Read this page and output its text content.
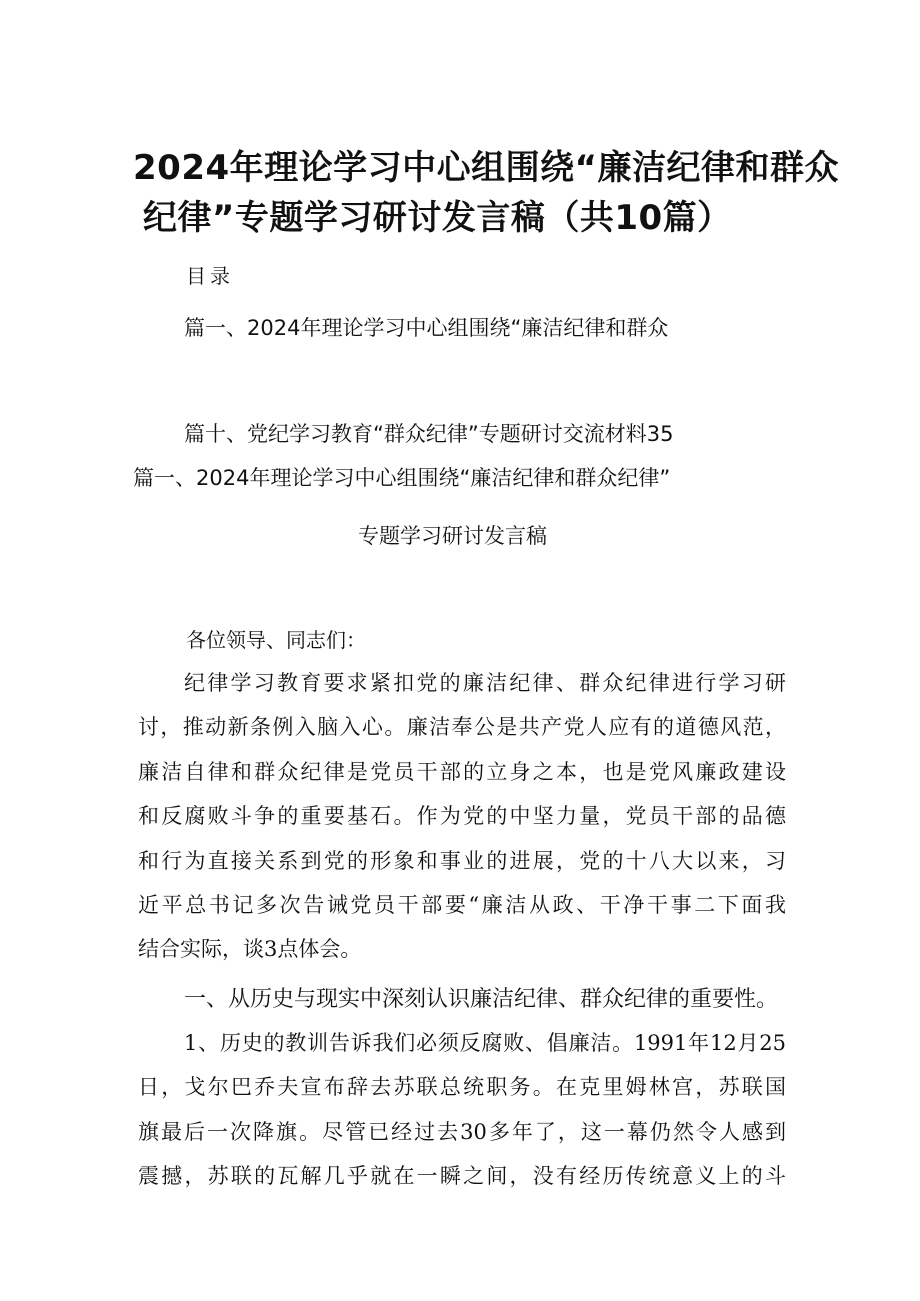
2024年理论学习中心组围绕“廉洁纪律和群众
纪律”专题学习研讨发言稿（共10篇）
目录
篇一、2024年理论学习中心组围绕“廉洁纪律和群众
篇十、党纪学习教育“群众纪律”专题研讨交流材料35
篇一、2024年理论学习中心组围绕“廉洁纪律和群众纪律”
专题学习研讨发言稿
各位领导、同志们：
纪律学习教育要求紧扣党的廉洁纪律、群众纪律进行学习研
讨，推动新条例入脑入心。廉洁奉公是共产党人应有的道德风范，
廉洁自律和群众纪律是党员干部的立身之本，也是党风廉政建设
和反腐败斗争的重要基石。作为党的中坚力量，党员干部的品德
和行为直接关系到党的形象和事业的进展，党的十八大以来，习
近平总书记多次告诫党员干部要“廉洁从政、干净干事二下面我
结合实际，谈3点体会。
一、从历史与现实中深刻认识廉洁纪律、群众纪律的重要性。
1、历史的教训告诉我们必须反腐败、倡廉洁。1991年12月25
日，戈尔巴乔夫宣布辞去苏联总统职务。在克里姆林宫，苏联国
旗最后一次降旗。尽管已经过去30多年了，这一幕仍然令人感到
震撼，苏联的瓦解几乎就在一瞬之间，没有经历传统意义上的斗
